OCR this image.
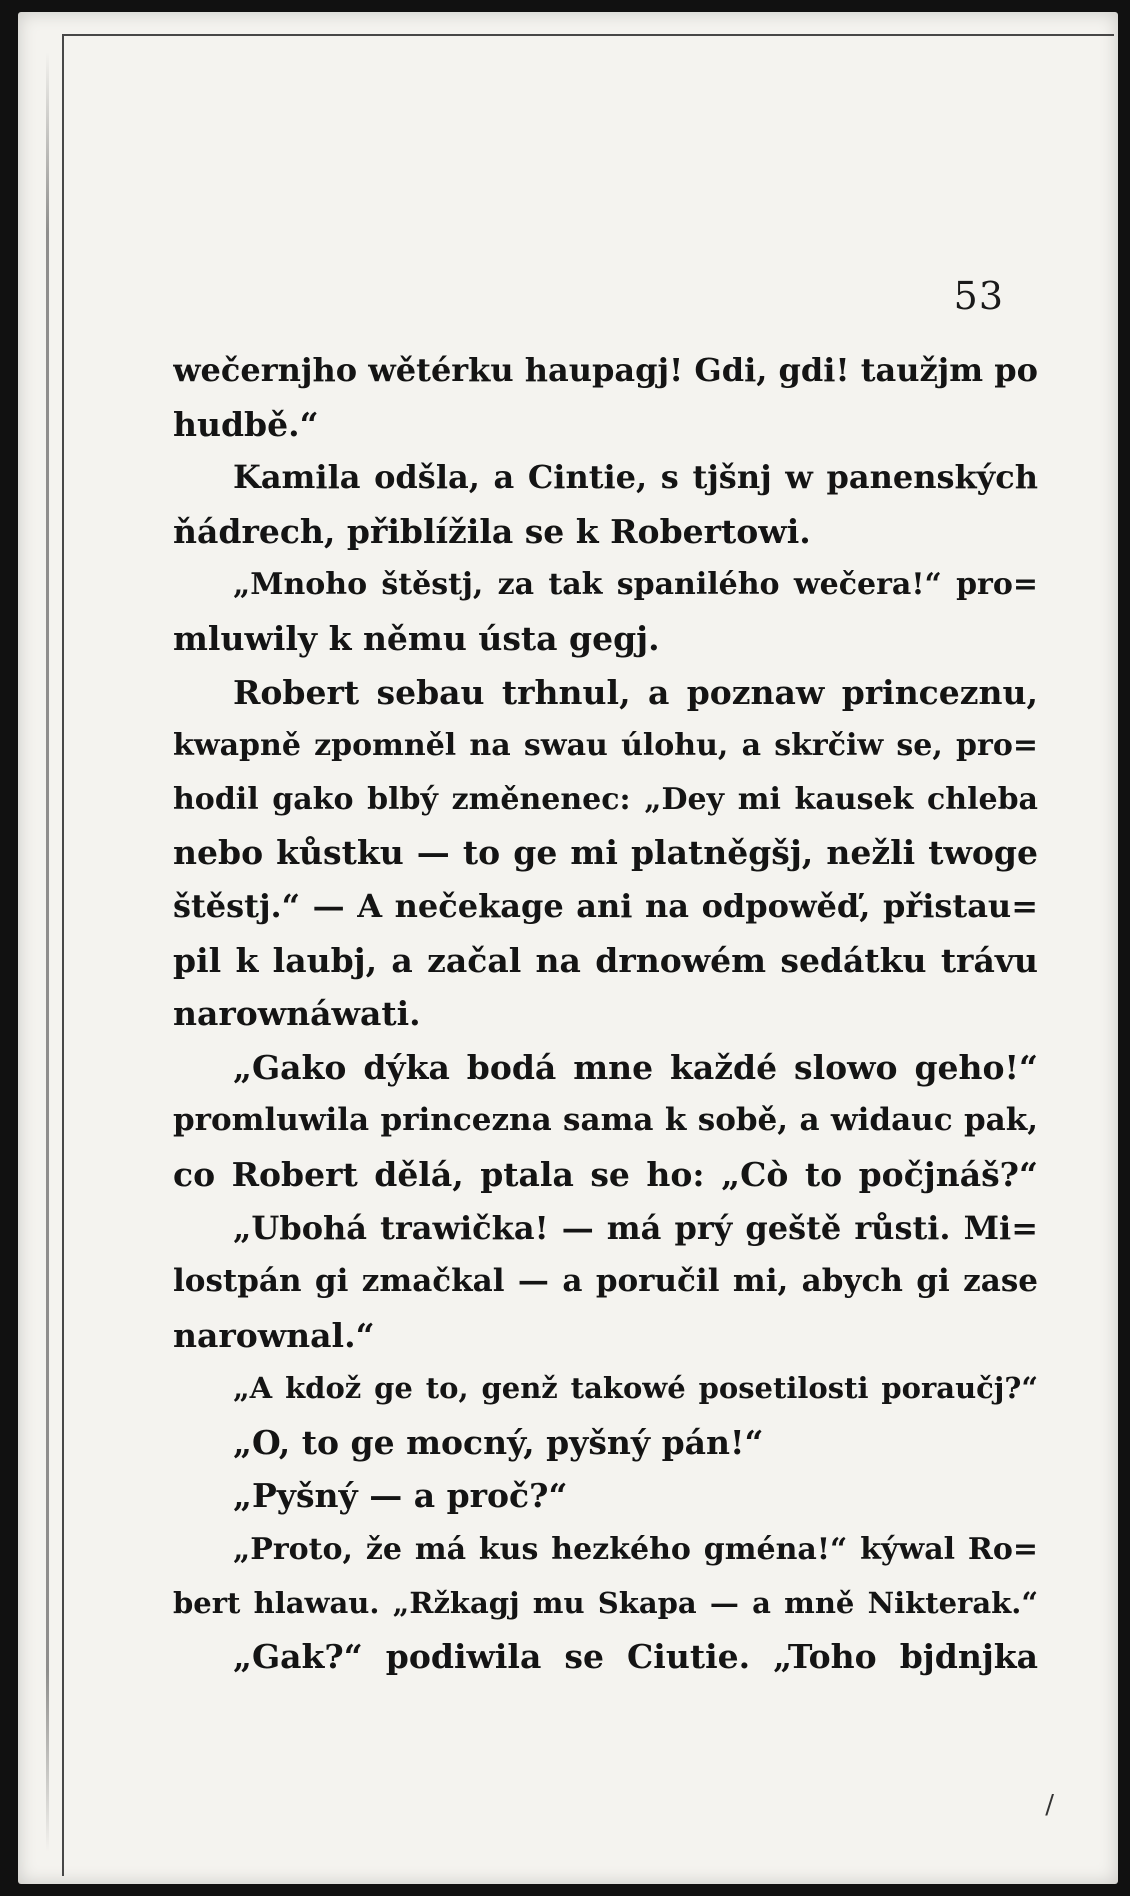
53
wečernjho wětérku haupagj! Gdi, gdi! taužjm po
hudbě.“
Kamila odšla, a Cintie, s tjšnj w panenských
ňádrech, přiblížila se k Robertowi.
„Mnoho štěstj, za tak spanilého wečera!“ pro=
mluwily k němu ústa gegj.
Robert sebau trhnul, a poznaw princeznu,
kwapně zpomněl na swau úlohu, a skrčiw se, pro=
hodil gako blbý změnenec: „Dey mi kausek chleba
nebo kůstku — to ge mi platněgšj, nežli twoge
štěstj.“ — A nečekage ani na odpowěď, přistau=
pil k laubj, a začal na drnowém sedátku trávu
narownáwati.
„Gako dýka bodá mne každé slowo geho!“
promluwila princezna sama k sobě, a widauc pak,
co Robert dělá, ptala se ho: „Cò to počjnáš?“
„Ubohá trawička! — má prý geště růsti. Mi=
lostpán gi zmačkal — a poručil mi, abych gi zase
narownal.“
„A kdož ge to, genž takowé posetilosti poraučj?“
„O, to ge mocný, pyšný pán!“
„Pyšný — a proč?“
„Proto, že má kus hezkého gména!“ kýwal Ro=
bert hlawau. „Ržkagj mu Skapa — a mně Nikterak.“
„Gak?“ podiwila se Ciutie. „Toho bjdnjka
/
